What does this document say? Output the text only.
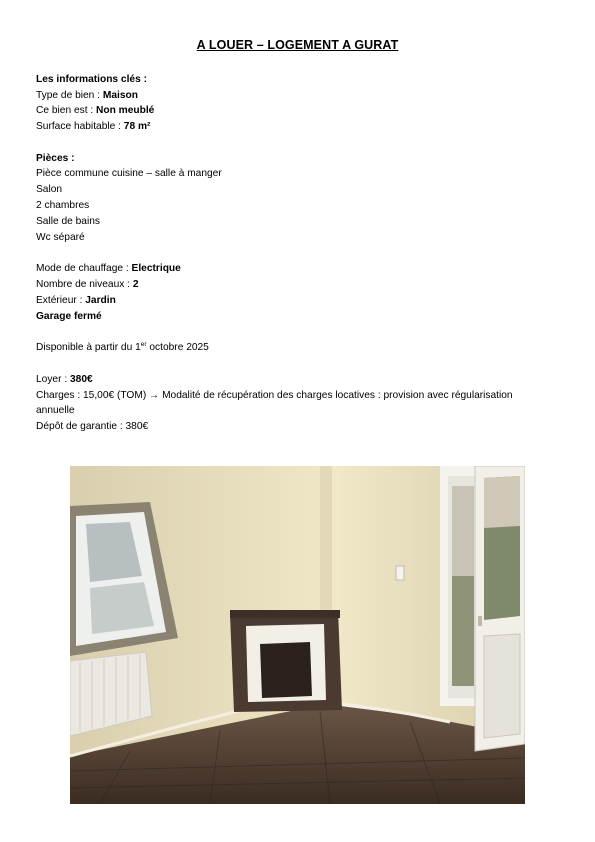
A LOUER – LOGEMENT A GURAT
Les informations clés :
Type de bien : Maison
Ce bien est : Non meublé
Surface habitable : 78 m²
Pièces :
Pièce commune cuisine – salle à manger
Salon
2 chambres
Salle de bains
Wc séparé
Mode de chauffage : Electrique
Nombre de niveaux : 2
Extérieur : Jardin
Garage fermé
Disponible à partir du 1er octobre 2025
Loyer : 380€
Charges : 15,00€ (TOM) → Modalité de récupération des charges locatives : provision avec régularisation
annuelle
Dépôt de garantie : 380€
